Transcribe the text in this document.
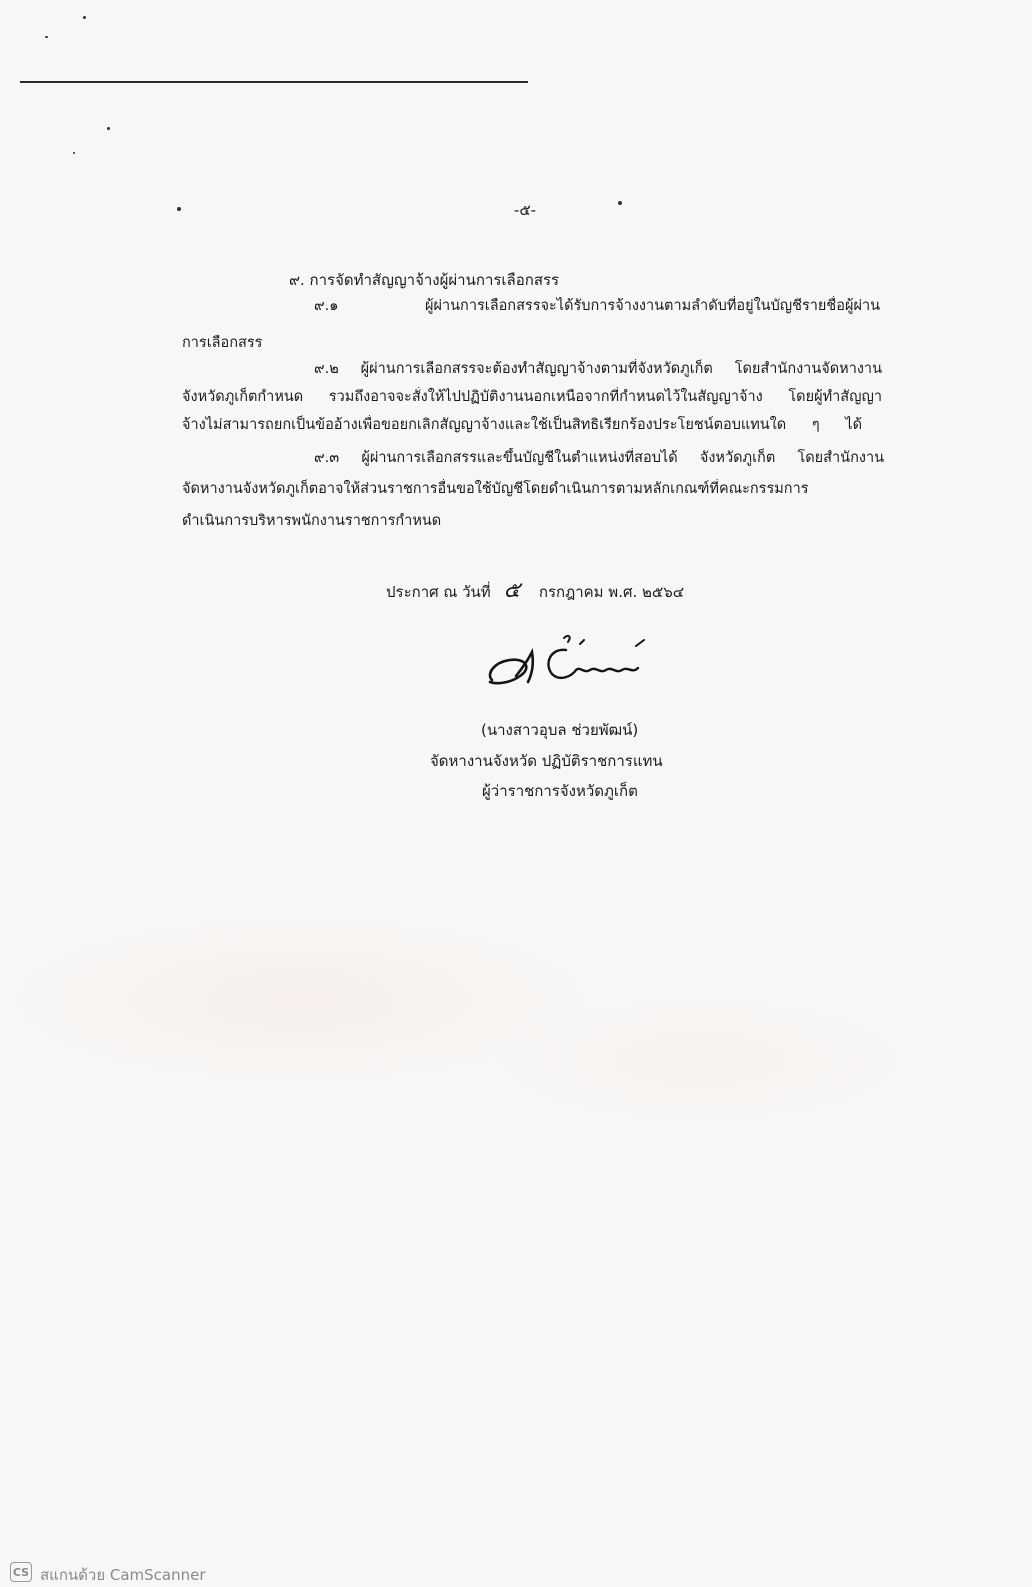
-๕-
๙. การจัดทำสัญญาจ้างผู้ผ่านการเลือกสรร
๙.๑ ผู้ผ่านการเลือกสรรจะได้รับการจ้างงานตามลำดับที่อยู่ในบัญชีรายชื่อผู้ผ่าน
การเลือกสรร
๙.๒ ผู้ผ่านการเลือกสรรจะต้องทำสัญญาจ้างตามที่จังหวัดภูเก็ต โดยสำนักงานจัดหางาน
จังหวัดภูเก็ตกำหนด รวมถึงอาจจะสั่งให้ไปปฏิบัติงานนอกเหนือจากที่กำหนดไว้ในสัญญาจ้าง โดยผู้ทำสัญญา
จ้างไม่สามารถยกเป็นข้ออ้างเพื่อขอยกเลิกสัญญาจ้างและใช้เป็นสิทธิเรียกร้องประโยชน์ตอบแทนใด ๆ ได้
๙.๓ ผู้ผ่านการเลือกสรรและขึ้นบัญชีในตำแหน่งที่สอบได้ จังหวัดภูเก็ต โดยสำนักงาน
จัดหางานจังหวัดภูเก็ตอาจให้ส่วนราชการอื่นขอใช้บัญชีโดยดำเนินการตามหลักเกณฑ์ที่คณะกรรมการ
ดำเนินการบริหารพนักงานราชการกำหนด
ประกาศ ณ วันที่ ๕ กรกฎาคม พ.ศ. ๒๕๖๔
(นางสาวอุบล ช่วยพัฒน์)
จัดหางานจังหวัด ปฏิบัติราชการแทน
ผู้ว่าราชการจังหวัดภูเก็ต
CS สแกนด้วย CamScanner
